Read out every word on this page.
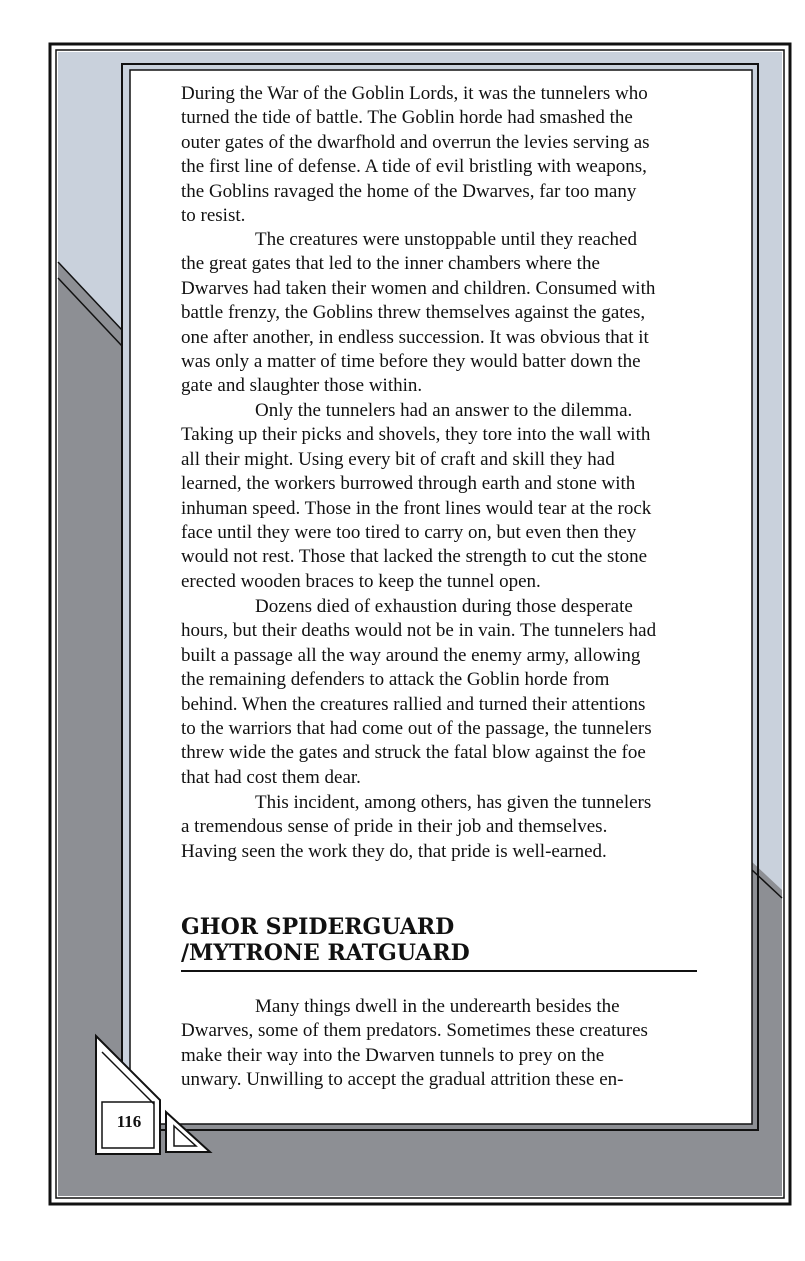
During the War of the Goblin Lords, it was the tunnelers who
turned the tide of battle. The Goblin horde had smashed the
outer gates of the dwarfhold and overrun the levies serving as
the first line of defense. A tide of evil bristling with weapons,
the Goblins ravaged the home of the Dwarves, far too many
to resist.

The creatures were unstoppable until they reached
the great gates that led to the inner chambers where the
Dwarves had taken their women and children. Consumed with
battle frenzy, the Goblins threw themselves against the gates,
one after another, in endless succession. It was obvious that it
was only a matter of time before they would batter down the
gate and slaughter those within.

Only the tunnelers had an answer to the dilemma.
Taking up their picks and shovels, they tore into the wall with
all their might. Using every bit of craft and skill they had
learned, the workers burrowed through earth and stone with
inhuman speed. Those in the front lines would tear at the rock
face until they were too tired to carry on, but even then they
would not rest. Those that lacked the strength to cut the stone
erected wooden braces to keep the tunnel open.

Dozens died of exhaustion during those desperate
hours, but their deaths would not be in vain. The tunnelers had
built a passage all the way around the enemy army, allowing
the remaining defenders to attack the Goblin horde from
behind. When the creatures rallied and turned their attentions
to the warriors that had come out of the passage, the tunnelers
threw wide the gates and struck the fatal blow against the foe
that had cost them dear.

This incident, among others, has given the tunnelers
a tremendous sense of pride in their job and themselves.
Having seen the work they do, that pride is well-earned.

GHOR SPIDERGUARD
/MYTRONE RATGUARD

Many things dwell in the underearth besides the
Dwarves, some of them predators. Sometimes these creatures
make their way into the Dwarven tunnels to prey on the
unwary. Unwilling to accept the gradual attrition these en-

116
